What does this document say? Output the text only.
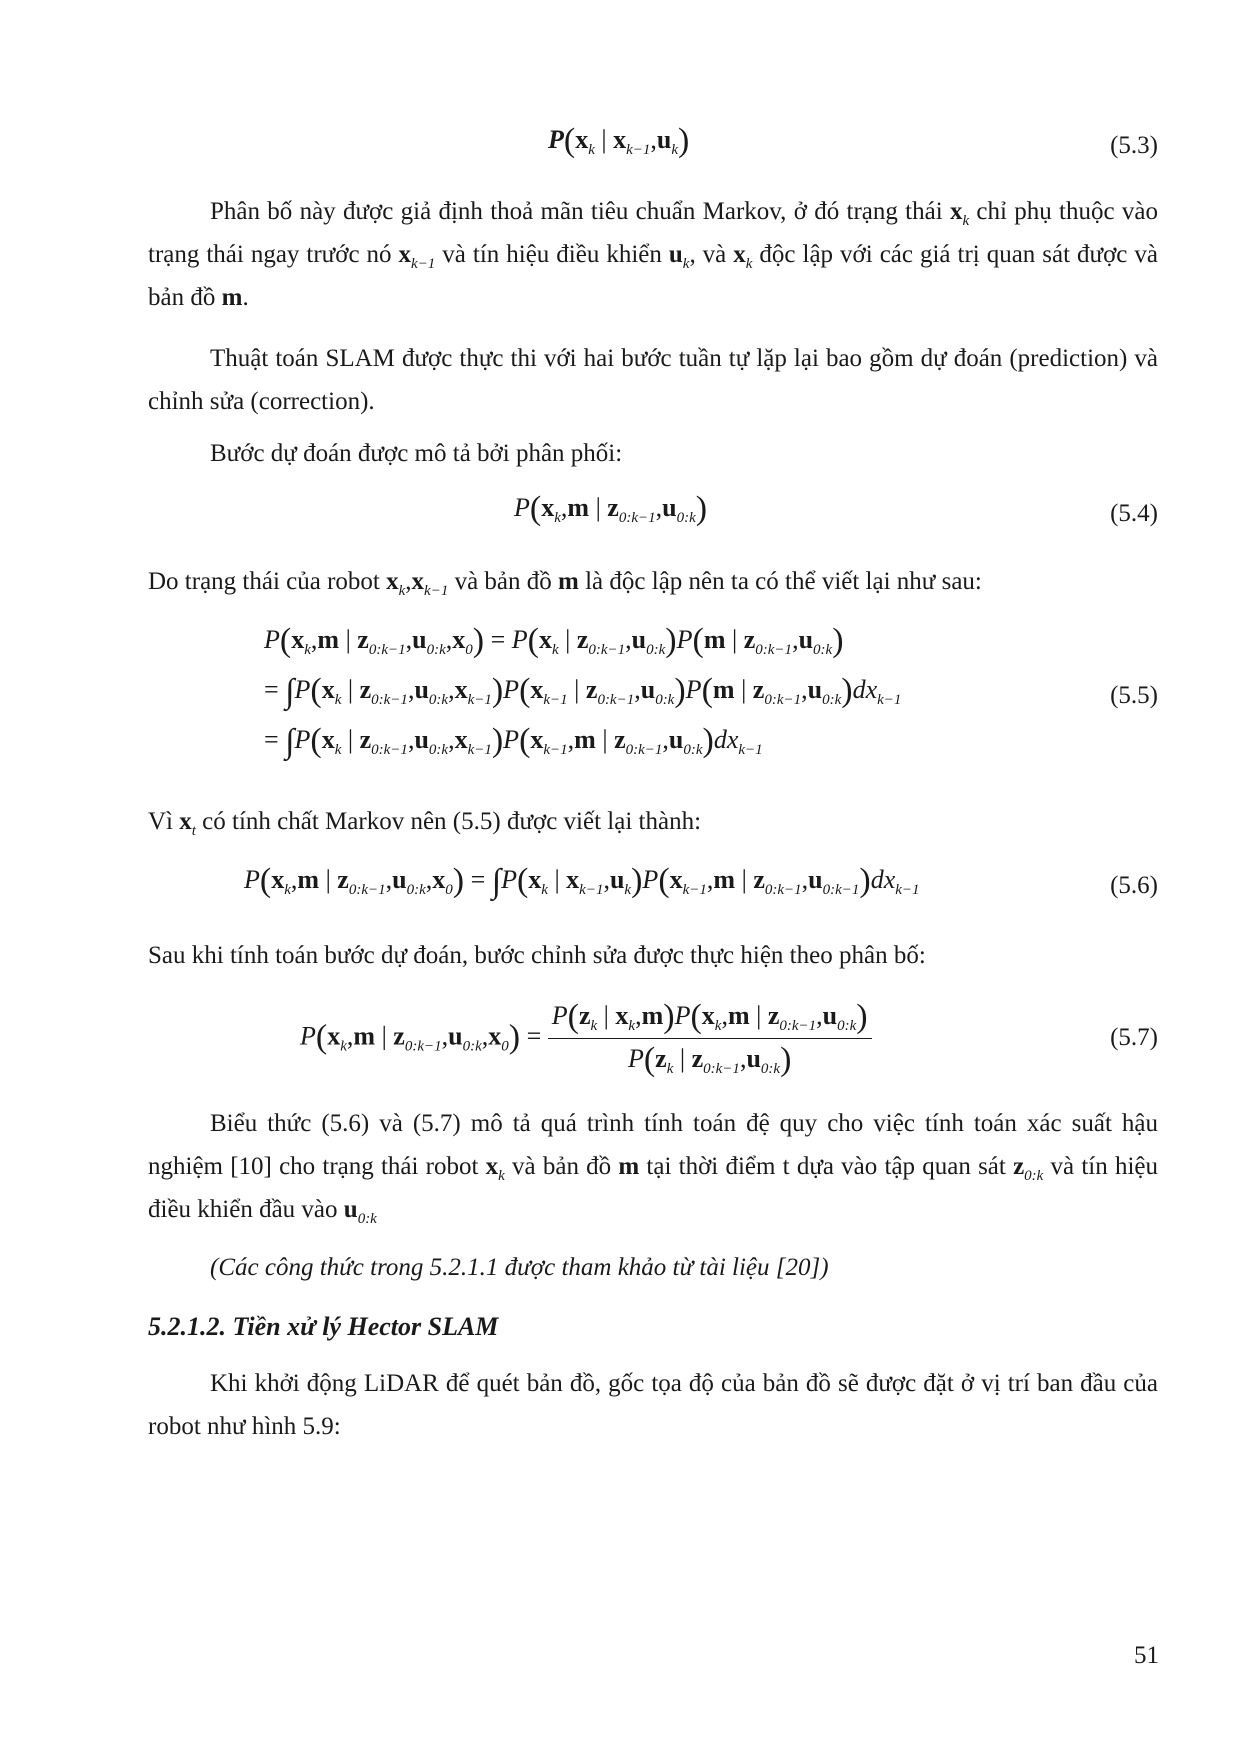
$P(x_k$ | $x_{k-1},u_k$)	(5.3)

Phân bố này được giả định thoả mãn tiêu chuẩn Markov, ở đó trạng thái $x_k$ chỉ phụ thuộc vào trạng thái ngay trước nó $x_{k-1}$ và tín hiệu điều khiển $u_k$, và $x_k$ độc lập với các giá trị quan sát được và bản đồ m.

Thuật toán SLAM được thực thi với hai bước tuần tự lặp lại bao gồm dự đoán (prediction) và chỉnh sửa (correction).

Bước dự đoán được mô tả bởi phân phối:

$P(x_k,m$ | $z_{0:k-1},u_{0:k}$)	(5.4)

Do trạng thái của robot $x_k,x_{k-1}$ và bản đồ m là độc lập nên ta có thể viết lại như sau:

$P(x_k,m$ | $z_{0:k-1},u_{0:k},x_0) = P(x_k$ | $z_{0:k-1},u_{0:k})P(m$ | $z_{0:k-1},u_{0:k}$)
= $\int P(x_k$ | $z_{0:k-1},u_{0:k},x_{k-1})P(x_{k-1}$ | $z_{0:k-1},u_{0:k})P(m$ | $z_{0:k-1},u_{0:k})dx_{k-1}$
= $\int P(x_k$ | $z_{0:k-1},u_{0:k},x_{k-1})P(x_{k-1},m$ | $z_{0:k-1},u_{0:k})dx_{k-1}$
(5.5)

Vì $x_t$ có tính chất Markov nên (5.5) được viết lại thành:

$P(x_k,m$ | $z_{0:k-1},u_{0:k},x_0) = \int P(x_k$ | $x_{k-1},u_k)P(x_{k-1},m$ | $z_{0:k-1},u_{0:k-1})dx_{k-1}$	(5.6)

Sau khi tính toán bước dự đoán, bước chỉnh sửa được thực hiện theo phân bố:

$P(x_k,m$ | $z_{0:k-1},u_{0:k},x_0) = \frac{P(z_k | x_k,m)P(x_k,m | z_{0:k-1},u_{0:k})}{P(z_k | z_{0:k-1},u_{0:k})}$	(5.7)

Biểu thức (5.6) và (5.7) mô tả quá trình tính toán đệ quy cho việc tính toán xác suất hậu nghiệm [10] cho trạng thái robot $x_k$ và bản đồ m tại thời điểm t dựa vào tập quan sát $z_{0:k}$ và tín hiệu điều khiển đầu vào $u_{0:k}$

(Các công thức trong 5.2.1.1 được tham khảo từ tài liệu [20])
5.2.1.2. Tiền xử lý Hector SLAM

Khi khởi động LiDAR để quét bản đồ, gốc tọa độ của bản đồ sẽ được đặt ở vị trí ban đầu của robot như hình 5.9:

51
